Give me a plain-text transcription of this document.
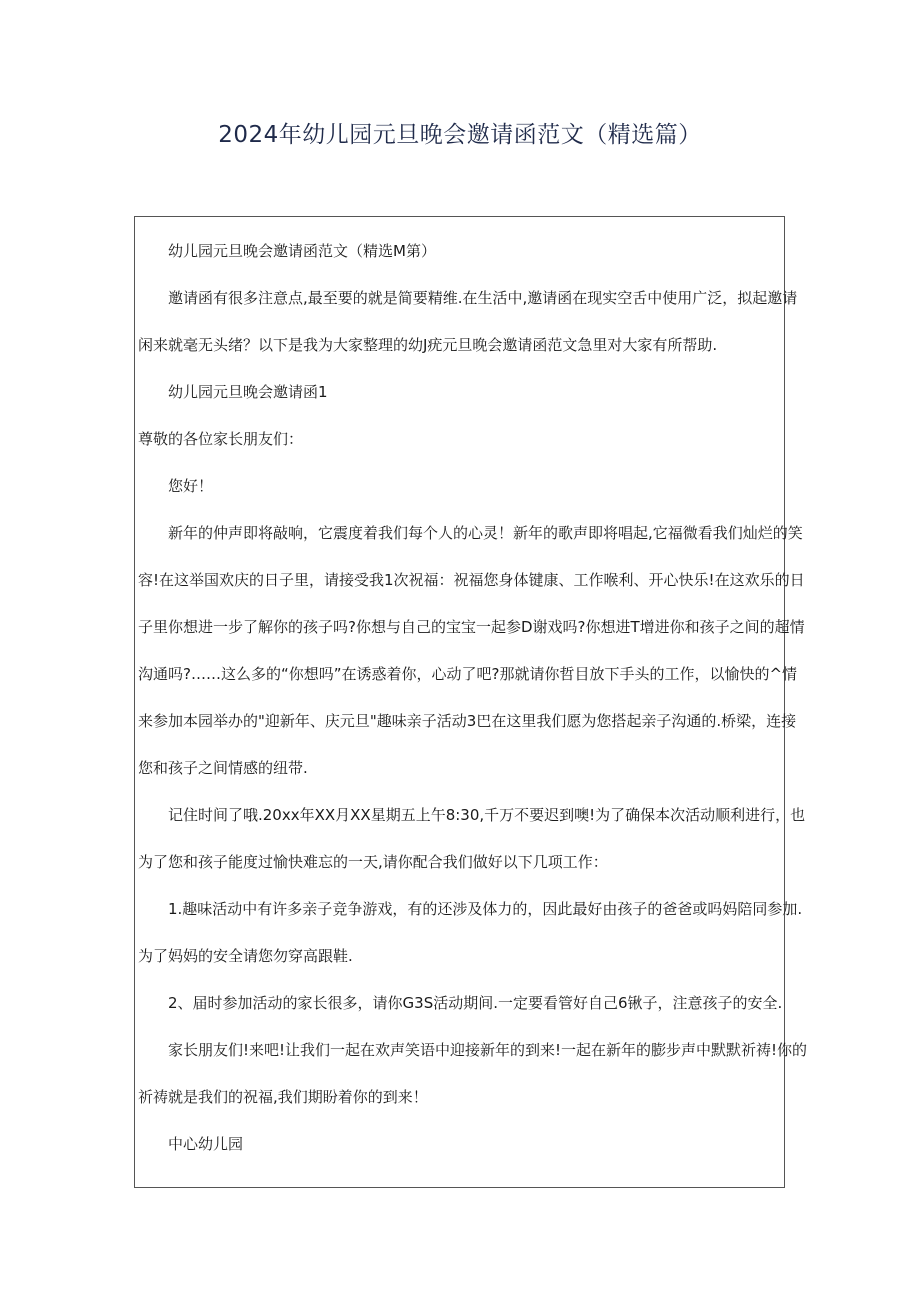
2024年幼儿园元旦晚会邀请函范文（精选篇）
幼儿园元旦晚会邀请函范文（精选M第）
邀请函有很多注意点,最至要的就是简要精维.在生活中,邀请函在现实空舌中使用广泛，拟起邀请
闲来就毫无头绪？以下是我为大家整理的幼J疣元旦晚会邀请函范文急里对大家有所帮助.
幼儿园元旦晚会邀请函1
尊敬的各位家长朋友们：
您好！
新年的仲声即将敲响，它震度着我们每个人的心灵！新年的歌声即将唱起,它福微看我们灿烂的笑
容!在这举国欢庆的日子里，请接受我1次祝福：祝福您身体键康、工作喉利、开心快乐!在这欢乐的日
子里你想进一步了解你的孩子吗?你想与自己的宝宝一起参D谢戏吗?你想进T增进你和孩子之间的超情
沟通吗?……这么多的“你想吗”在诱惑着你，心动了吧?那就请你哲目放下手头的工作，以愉快的^情
来参加本园举办的"迎新年、庆元旦"趣味亲子活动3巴在这里我们愿为您搭起亲子沟通的.桥梁，连接
您和孩子之间情感的纽带.
记住时间了哦.20xx年XX月XX星期五上午8:30,千万不要迟到噢!为了确保本次活动顺利进行，也
为了您和孩子能度过愉快难忘的一天,请你配合我们做好以下几项工作：
1.趣味活动中有许多亲子竞争游戏，有的还涉及体力的，因此最好由孩子的爸爸或吗妈陪同参加.
为了妈妈的安全请您勿穿高跟鞋.
2、届时参加活动的家长很多，请你G3S活动期间.一定要看管好自己6锹子，注意孩子的安全.
家长朋友们!来吧!让我们一起在欢声笑语中迎接新年的到来!一起在新年的膨步声中默默祈祷!你的
祈祷就是我们的祝福,我们期盼着你的到来！
中心幼儿园
